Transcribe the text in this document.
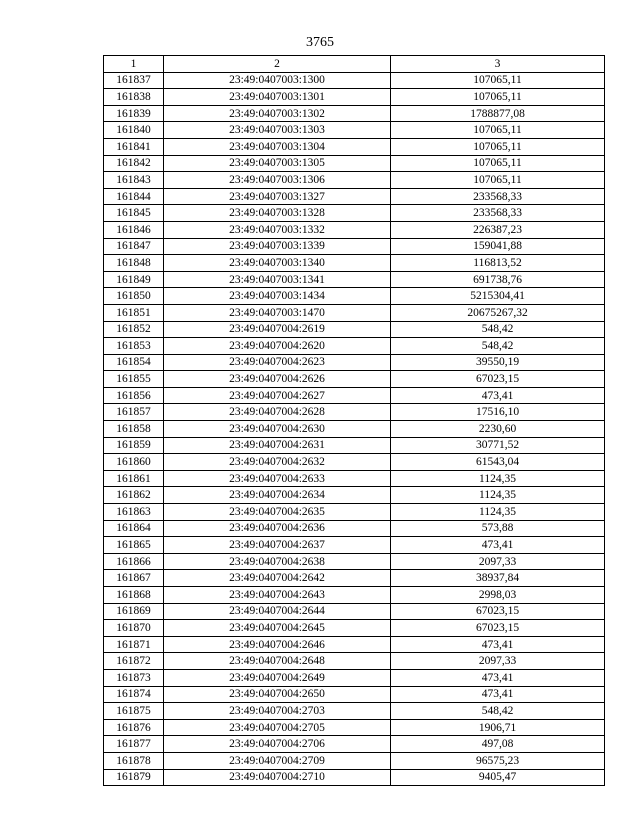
3765
1	2	3
161837	23:49:0407003:1300	107065,11
161838	23:49:0407003:1301	107065,11
161839	23:49:0407003:1302	1788877,08
161840	23:49:0407003:1303	107065,11
161841	23:49:0407003:1304	107065,11
161842	23:49:0407003:1305	107065,11
161843	23:49:0407003:1306	107065,11
161844	23:49:0407003:1327	233568,33
161845	23:49:0407003:1328	233568,33
161846	23:49:0407003:1332	226387,23
161847	23:49:0407003:1339	159041,88
161848	23:49:0407003:1340	116813,52
161849	23:49:0407003:1341	691738,76
161850	23:49:0407003:1434	5215304,41
161851	23:49:0407003:1470	20675267,32
161852	23:49:0407004:2619	548,42
161853	23:49:0407004:2620	548,42
161854	23:49:0407004:2623	39550,19
161855	23:49:0407004:2626	67023,15
161856	23:49:0407004:2627	473,41
161857	23:49:0407004:2628	17516,10
161858	23:49:0407004:2630	2230,60
161859	23:49:0407004:2631	30771,52
161860	23:49:0407004:2632	61543,04
161861	23:49:0407004:2633	1124,35
161862	23:49:0407004:2634	1124,35
161863	23:49:0407004:2635	1124,35
161864	23:49:0407004:2636	573,88
161865	23:49:0407004:2637	473,41
161866	23:49:0407004:2638	2097,33
161867	23:49:0407004:2642	38937,84
161868	23:49:0407004:2643	2998,03
161869	23:49:0407004:2644	67023,15
161870	23:49:0407004:2645	67023,15
161871	23:49:0407004:2646	473,41
161872	23:49:0407004:2648	2097,33
161873	23:49:0407004:2649	473,41
161874	23:49:0407004:2650	473,41
161875	23:49:0407004:2703	548,42
161876	23:49:0407004:2705	1906,71
161877	23:49:0407004:2706	497,08
161878	23:49:0407004:2709	96575,23
161879	23:49:0407004:2710	9405,47
